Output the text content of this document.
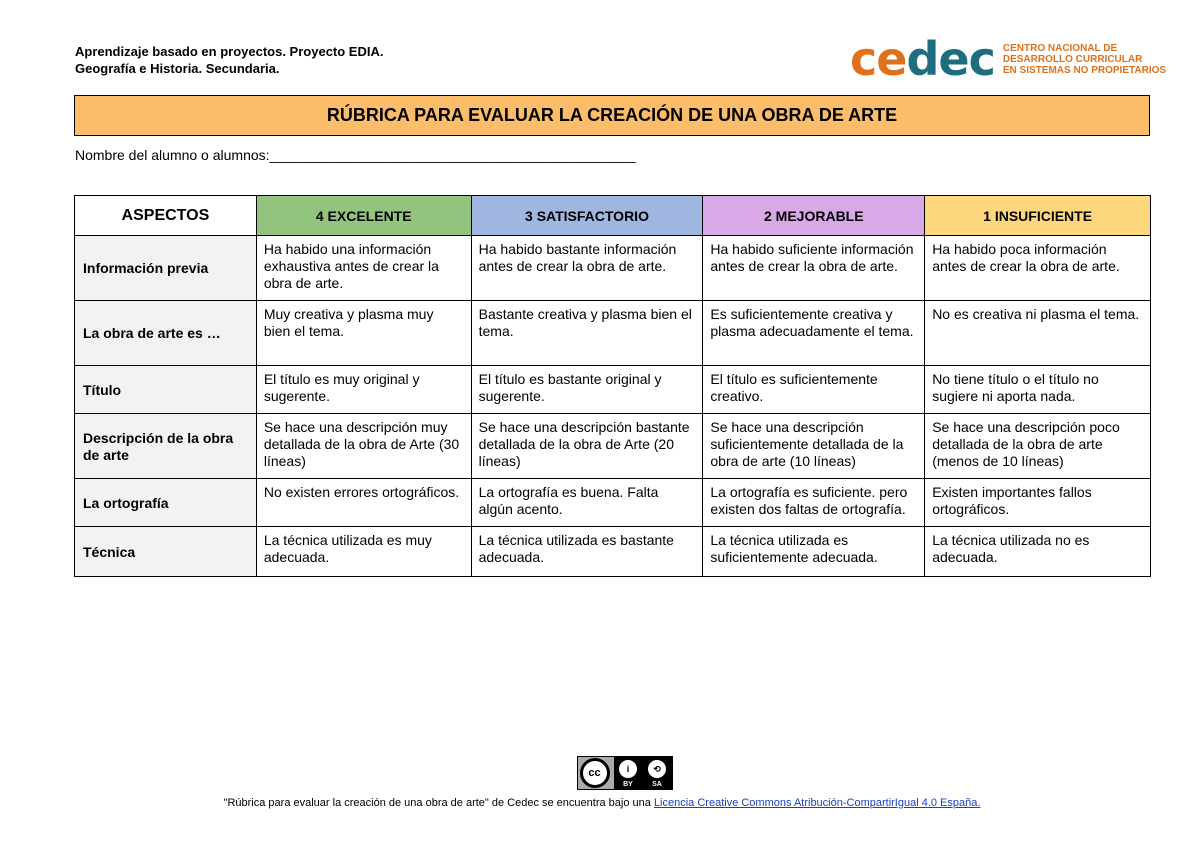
Aprendizaje basado en proyectos. Proyecto EDIA.
Geografía e Historia. Secundaria.	cedec CENTRO NACIONAL DE
DESARROLLO CURRICULAR
EN SISTEMAS NO PROPIETARIOS
RÚBRICA PARA EVALUAR LA CREACIÓN DE UNA OBRA DE ARTE
Nombre del alumno o alumnos:_______________________________________________
ASPECTOS	4 EXCELENTE	3 SATISFACTORIO	2 MEJORABLE	1 INSUFICIENTE
Información previa	Ha habido una información exhaustiva antes de crear la obra de arte.	Ha habido bastante información antes de crear la obra de arte.	Ha habido suficiente información antes de crear la obra de arte.	Ha habido poca información antes de crear la obra de arte.
La obra de arte es …	Muy creativa y plasma muy bien el tema.	Bastante creativa y plasma bien el tema.	Es suficientemente creativa y plasma adecuadamente el tema.	No es creativa ni plasma el tema.
Título	El título es muy original y sugerente.	El título es bastante original y sugerente.	El título es suficientemente creativo.	No tiene título o el título no sugiere ni aporta nada.
Descripción de la obra de arte	Se hace una descripción muy detallada de la obra de Arte (30 líneas)	Se hace una descripción bastante detallada de la obra de Arte (20 líneas)	Se hace una descripción suficientemente detallada de la obra de arte (10 líneas)	Se hace una descripción poco detallada de la obra de arte (menos de 10 líneas)
La ortografía	No existen errores ortográficos.	La ortografía es buena. Falta algún acento.	La ortografía es suficiente. pero existen dos faltas de ortografía.	Existen importantes fallos ortográficos.
Técnica	La técnica utilizada es muy adecuada.	La técnica utilizada es bastante adecuada.	La técnica utilizada es suficientemente adecuada.	La técnica utilizada no es adecuada.
cc	i	⟲
BY	SA
"Rúbrica para evaluar la creación de una obra de arte" de Cedec se encuentra bajo una Licencia Creative Commons Atribución-CompartirIgual 4.0 España.
